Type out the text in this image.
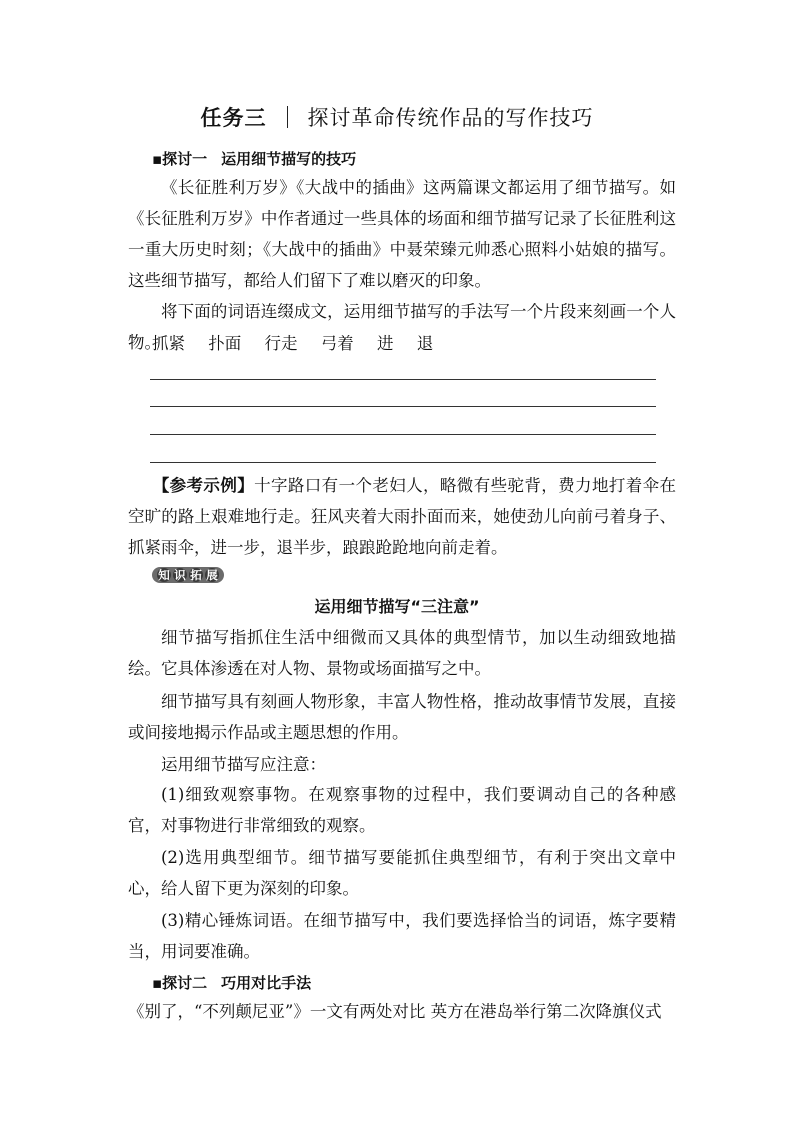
任务三 探讨革命传统作品的写作技巧
▪探讨一 运用细节描写的技巧
《长征胜利万岁》《大战中的插曲》这两篇课文都运用了细节描写。如《长征胜利万岁》中作者通过一些具体的场面和细节描写记录了长征胜利这一重大历史时刻；《大战中的插曲》中聂荣臻元帅悉心照料小姑娘的描写。这些细节描写，都给人们留下了难以磨灭的印象。
将下面的词语连缀成文，运用细节描写的手法写一个片段来刻画一个人物。
抓紧 扑面 行走 弓着 进 退
【参考示例】十字路口有一个老妇人，略微有些驼背，费力地打着伞在空旷的路上艰难地行走。狂风夹着大雨扑面而来，她使劲儿向前弓着身子、抓紧雨伞，进一步，退半步，踉踉跄跄地向前走着。
知 识 拓 展
运用细节描写“三注意”
细节描写指抓住生活中细微而又具体的典型情节，加以生动细致地描绘。它具体渗透在对人物、景物或场面描写之中。
细节描写具有刻画人物形象，丰富人物性格，推动故事情节发展，直接或间接地揭示作品或主题思想的作用。
运用细节描写应注意：
(1)细致观察事物。在观察事物的过程中，我们要调动自己的各种感官，对事物进行非常细致的观察。
(2)选用典型细节。细节描写要能抓住典型细节，有利于突出文章中心，给人留下更为深刻的印象。
(3)精心锤炼词语。在细节描写中，我们要选择恰当的词语，炼字要精当，用词要准确。
▪探讨二 巧用对比手法
《别了，“不列颠尼亚”》一文有两处对比 英方在港岛举行第二次降旗仪式
